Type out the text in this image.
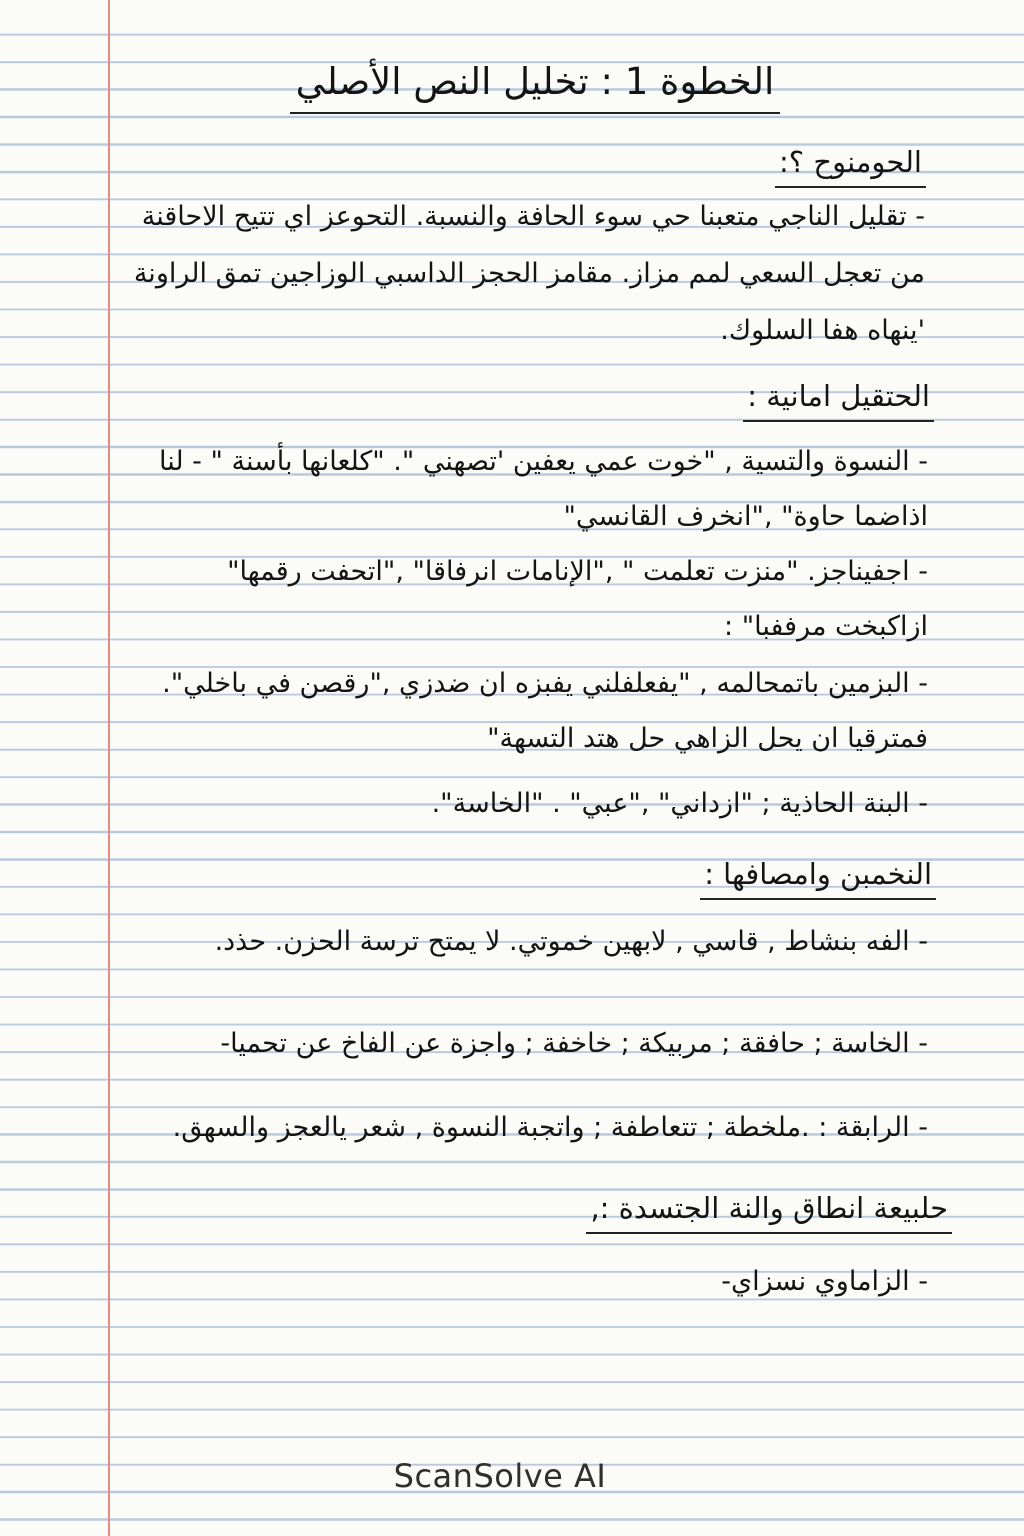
الخطوة 1 : تخليل النص الأصلي
الحومنوح ؟:
- تقليل الناجي متعبنا حي سوء الحافة والنسبة. التحوعز اي تتيح الاحاقنة من تعجل السعي لمم مزاز. مقامز الحجز الداسبي الوزاجين تمق الراونة 'ينهاه هفا السلوك.
الحتقيل امانية :
- النسوة والتسية , "خوت عمي يعفين 'تصهني ". "كلعانها بأسنة " - لنا اذاضما حاوة" ,"انخرف القانسي"
- اجفيناجز. "منزت تعلمت " ,"الإنامات انرفاقا" ,"اتحفت رقمها" ازاكبخت مرففبا" :
- البزمين باتمحالمه , "يفعلفلني يفبزه ان ضدزي ,"رقصن في باخلي". فمترقيا ان يحل الزاهي حل هتد التسهة"
- البنة الحاذية ; "ازداني" ,"عبي" . "الخاسة".
النخمبن وامصافها :
- الفه بنشاط , قاسي , لابهين خموتي. لا يمتح ترسة الحزن. حذد.
- الخاسة ; حافقة ; مربيكة ; خاخفة ; واجزة عن الفاخ عن تحميا-
- الرابقة : .ملخطة ; تتعاطفة ; واتجبة النسوة , شعر يالعجز والسهق.
حلبيعة انطاق والنة الجتسدة :,
- الزاماوي نسزاي-
ScanSolve AI
